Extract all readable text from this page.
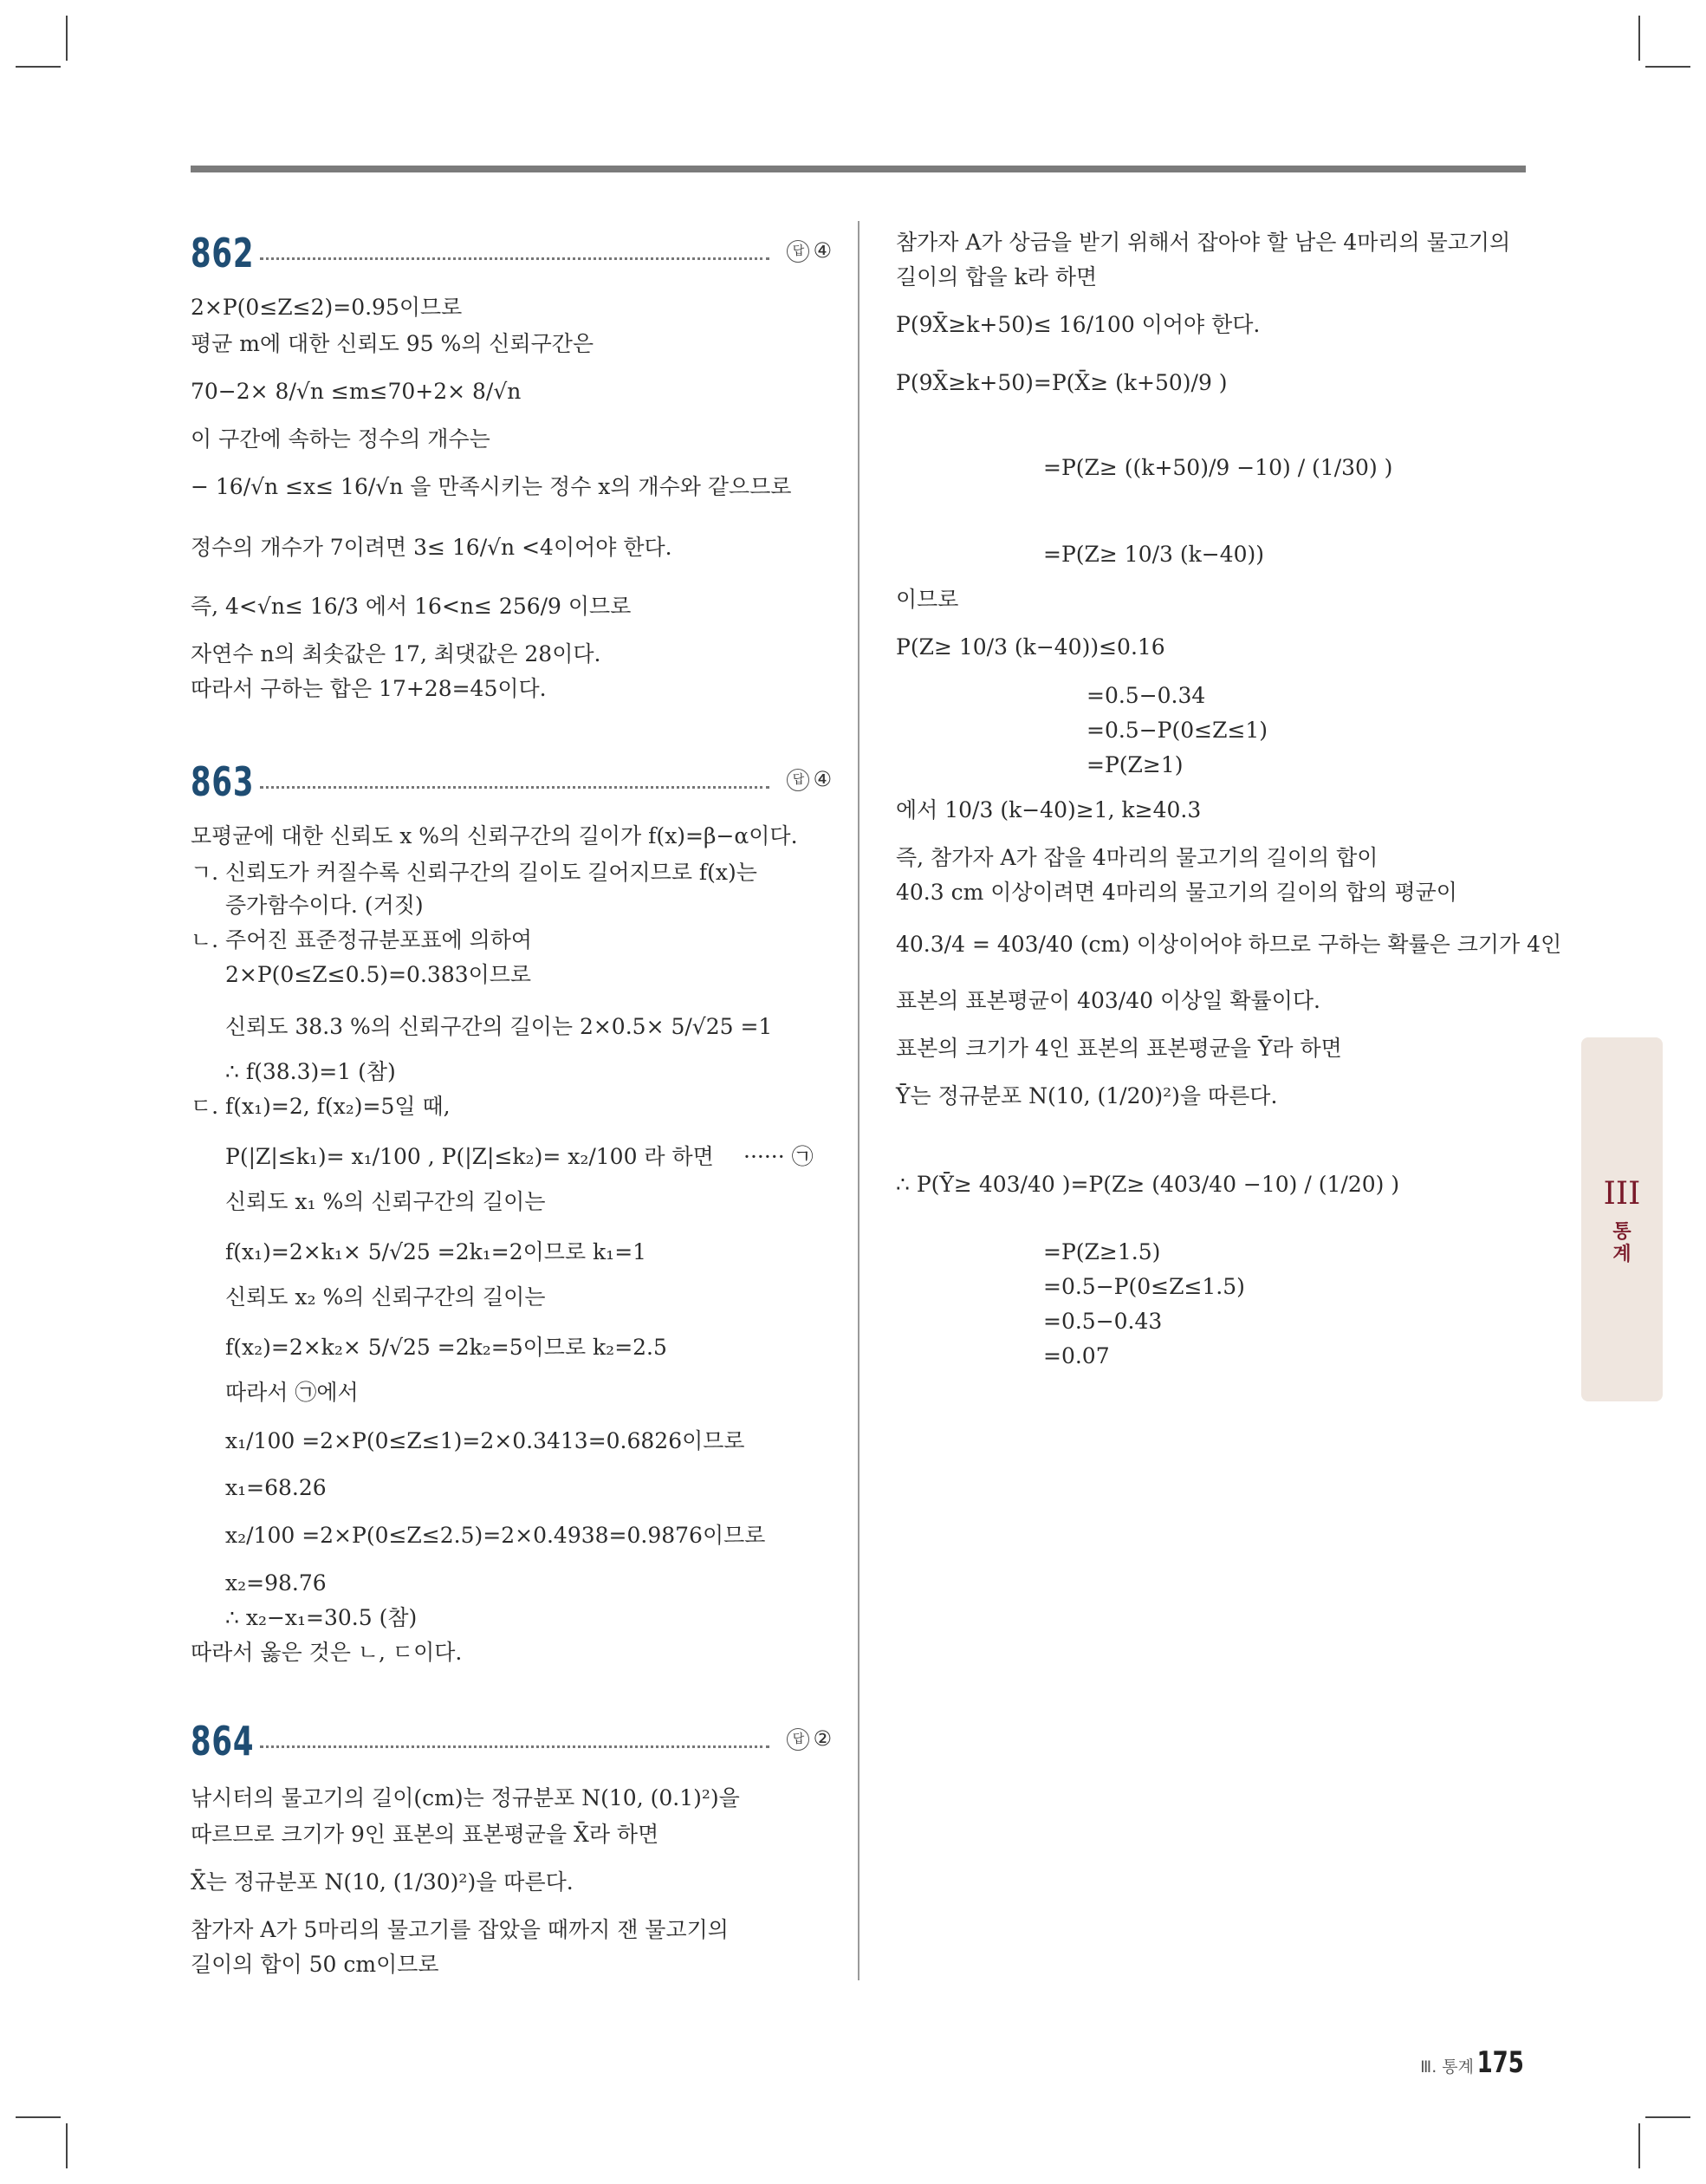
862	답 ④
2×P(0≤Z≤2)=0.95이므로
평균 m에 대한 신뢰도 95 %의 신뢰구간은
70−2× 8/√n ≤m≤70+2× 8/√n
이 구간에 속하는 정수의 개수는
− 16/√n ≤x≤ 16/√n 을 만족시키는 정수 x의 개수와 같으므로
정수의 개수가 7이려면 3≤ 16/√n <4이어야 한다.
즉, 4<√n≤ 16/3 에서 16<n≤ 256/9 이므로
자연수 n의 최솟값은 17, 최댓값은 28이다.
따라서 구하는 합은 17+28=45이다.
863	답 ④
모평균에 대한 신뢰도 x %의 신뢰구간의 길이가 f(x)=β−α이다.
ㄱ. 신뢰도가 커질수록 신뢰구간의 길이도 길어지므로 f(x)는
증가함수이다. (거짓)
ㄴ. 주어진 표준정규분포표에 의하여
2×P(0≤Z≤0.5)=0.383이므로
신뢰도 38.3 %의 신뢰구간의 길이는 2×0.5× 5/√25 =1
∴ f(38.3)=1 (참)
ㄷ. f(x₁)=2, f(x₂)=5일 때,
P(|Z|≤k₁)= x₁/100 , P(|Z|≤k₂)= x₂/100 라 하면 ······ ㉠
신뢰도 x₁ %의 신뢰구간의 길이는
f(x₁)=2×k₁× 5/√25 =2k₁=2이므로 k₁=1
신뢰도 x₂ %의 신뢰구간의 길이는
f(x₂)=2×k₂× 5/√25 =2k₂=5이므로 k₂=2.5
따라서 ㉠에서
x₁/100 =2×P(0≤Z≤1)=2×0.3413=0.6826이므로
x₁=68.26
x₂/100 =2×P(0≤Z≤2.5)=2×0.4938=0.9876이므로
x₂=98.76
∴ x₂−x₁=30.5 (참)
따라서 옳은 것은 ㄴ, ㄷ이다.
864	답 ②
낚시터의 물고기의 길이(cm)는 정규분포 N(10, (0.1)²)을
따르므로 크기가 9인 표본의 표본평균을 X̄라 하면
X̄는 정규분포 N(10, (1/30)²)을 따른다.
참가자 A가 5마리의 물고기를 잡았을 때까지 잰 물고기의
길이의 합이 50 cm이므로
참가자 A가 상금을 받기 위해서 잡아야 할 남은 4마리의 물고기의
길이의 합을 k라 하면
P(9X̄≥k+50)≤ 16/100 이어야 한다.
P(9X̄≥k+50)=P(X̄≥ (k+50)/9 )
=P(Z≥ ((k+50)/9 −10) / (1/30) )
=P(Z≥ 10/3 (k−40))
이므로
P(Z≥ 10/3 (k−40))≤0.16
=0.5−0.34
=0.5−P(0≤Z≤1)
=P(Z≥1)
에서 10/3 (k−40)≥1, k≥40.3
즉, 참가자 A가 잡을 4마리의 물고기의 길이의 합이
40.3 cm 이상이려면 4마리의 물고기의 길이의 합의 평균이
40.3/4 = 403/40 (cm) 이상이어야 하므로 구하는 확률은 크기가 4인
표본의 표본평균이 403/40 이상일 확률이다.
표본의 크기가 4인 표본의 표본평균을 Ȳ라 하면
Ȳ는 정규분포 N(10, (1/20)²)을 따른다.
∴ P(Ȳ≥ 403/40 )=P(Z≥ (403/40 −10) / (1/20) )
=P(Z≥1.5)
=0.5−P(0≤Z≤1.5)
=0.5−0.43
=0.07
III
통계
Ⅲ. 통계 175
